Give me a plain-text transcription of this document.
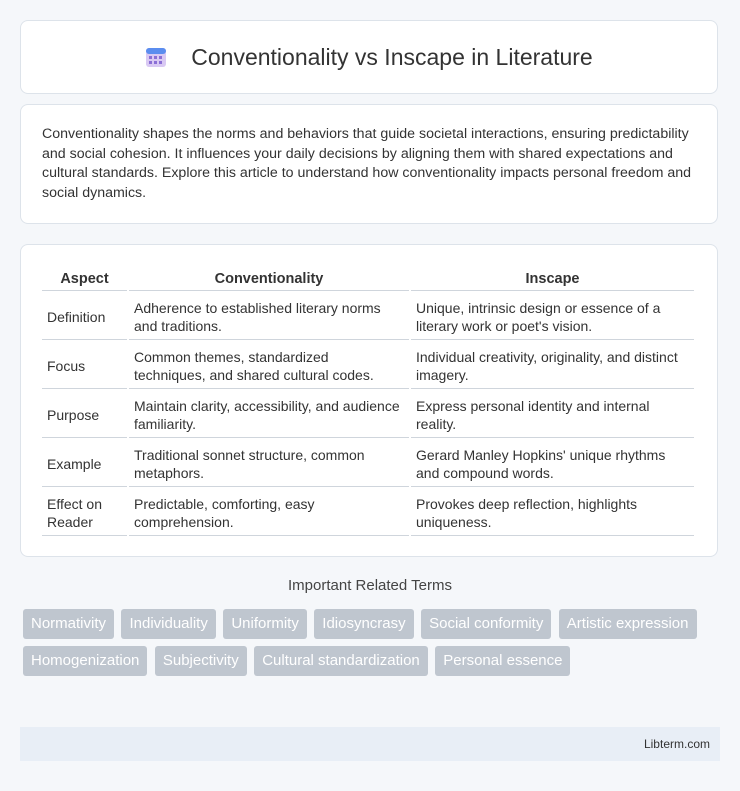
Conventionality vs Inscape in Literature

Conventionality shapes the norms and behaviors that guide societal interactions, ensuring predictability and social cohesion. It influences your daily decisions by aligning them with shared expectations and cultural standards. Explore this article to understand how conventionality impacts personal freedom and social dynamics.

Aspect	Conventionality	Inscape
Definition	Adherence to established literary norms and traditions.	Unique, intrinsic design or essence of a literary work or poet's vision.
Focus	Common themes, standardized techniques, and shared cultural codes.	Individual creativity, originality, and distinct imagery.
Purpose	Maintain clarity, accessibility, and audience familiarity.	Express personal identity and internal reality.
Example	Traditional sonnet structure, common metaphors.	Gerard Manley Hopkins' unique rhythms and compound words.
Effect on Reader	Predictable, comforting, easy comprehension.	Provokes deep reflection, highlights uniqueness.
Important Related Terms
Normativity Individuality Uniformity Idiosyncrasy Social conformity Artistic expression Homogenization Subjectivity Cultural standardization Personal essence
Libterm.com
